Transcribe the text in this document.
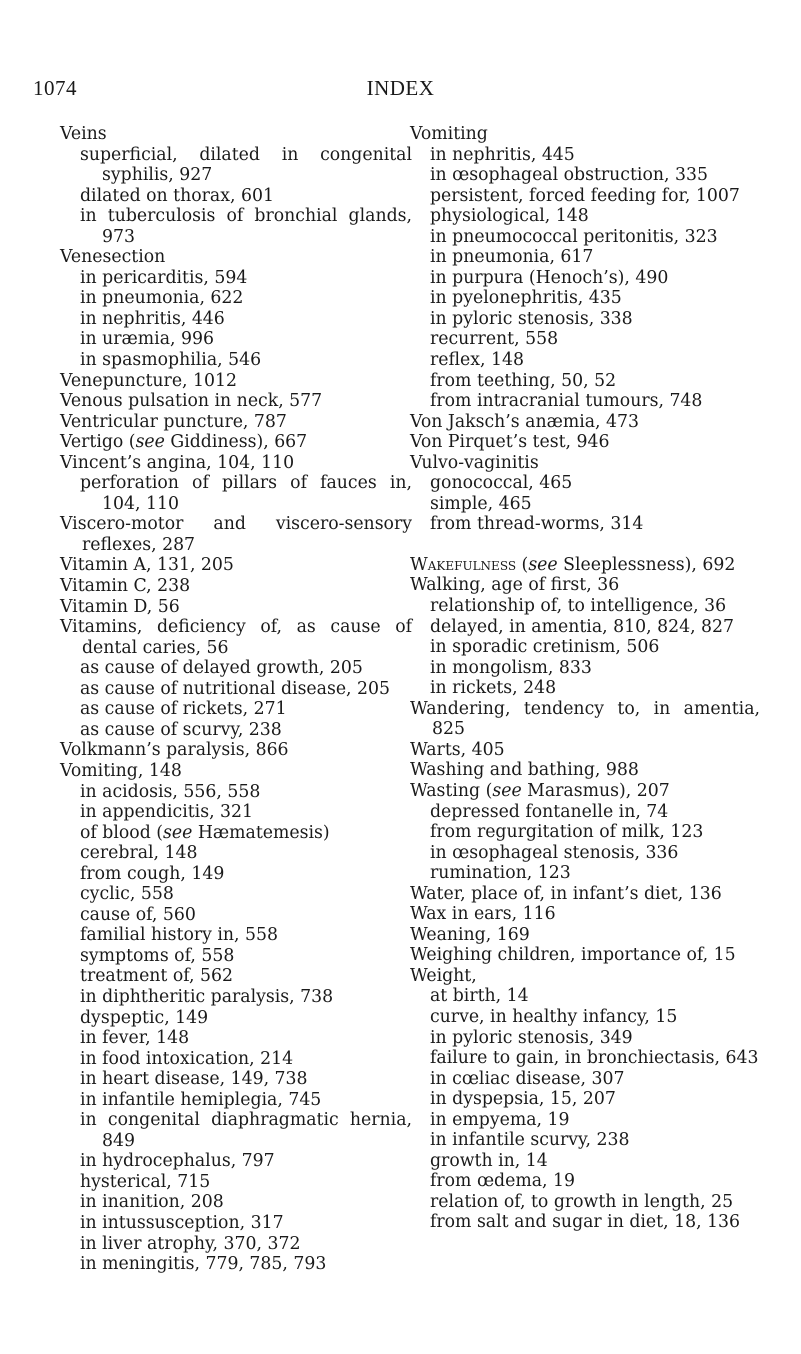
1074	INDEX
Veins
superficial, dilated in congenital syphilis, 927
dilated on thorax, 601
in tuberculosis of bronchial glands, 973
Venesection
in pericarditis, 594
in pneumonia, 622
in nephritis, 446
in uræmia, 996
in spasmophilia, 546
Venepuncture, 1012
Venous pulsation in neck, 577
Ventricular puncture, 787
Vertigo (see Giddiness), 667
Vincent’s angina, 104, 110
perforation of pillars of fauces in, 104, 110
Viscero-motor and viscero-sensory reflexes, 287
Vitamin A, 131, 205
Vitamin C, 238
Vitamin D, 56
Vitamins, deficiency of, as cause of dental caries, 56
as cause of delayed growth, 205
as cause of nutritional disease, 205
as cause of rickets, 271
as cause of scurvy, 238
Volkmann’s paralysis, 866
Vomiting, 148
in acidosis, 556, 558
in appendicitis, 321
of blood (see Hæmatemesis)
cerebral, 148
from cough, 149
cyclic, 558
cause of, 560
familial history in, 558
symptoms of, 558
treatment of, 562
in diphtheritic paralysis, 738
dyspeptic, 149
in fever, 148
in food intoxication, 214
in heart disease, 149, 738
in infantile hemiplegia, 745
in congenital diaphragmatic hernia, 849
in hydrocephalus, 797
hysterical, 715
in inanition, 208
in intussusception, 317
in liver atrophy, 370, 372
in meningitis, 779, 785, 793
Vomiting
in nephritis, 445
in œsophageal obstruction, 335
persistent, forced feeding for, 1007
physiological, 148
in pneumococcal peritonitis, 323
in pneumonia, 617
in purpura (Henoch’s), 490
in pyelonephritis, 435
in pyloric stenosis, 338
recurrent, 558
reflex, 148
from teething, 50, 52
from intracranial tumours, 748
Von Jaksch’s anæmia, 473
Von Pirquet’s test, 946
Vulvo-vaginitis
gonococcal, 465
simple, 465
from thread-worms, 314
Wakefulness (see Sleeplessness), 692
Walking, age of first, 36
relationship of, to intelligence, 36
delayed, in amentia, 810, 824, 827
in sporadic cretinism, 506
in mongolism, 833
in rickets, 248
Wandering, tendency to, in amentia, 825
Warts, 405
Washing and bathing, 988
Wasting (see Marasmus), 207
depressed fontanelle in, 74
from regurgitation of milk, 123
in œsophageal stenosis, 336
rumination, 123
Water, place of, in infant’s diet, 136
Wax in ears, 116
Weaning, 169
Weighing children, importance of, 15
Weight,
at birth, 14
curve, in healthy infancy, 15
in pyloric stenosis, 349
failure to gain, in bronchiectasis, 643
in cœliac disease, 307
in dyspepsia, 15, 207
in empyema, 19
in infantile scurvy, 238
growth in, 14
from œdema, 19
relation of, to growth in length, 25
from salt and sugar in diet, 18, 136
